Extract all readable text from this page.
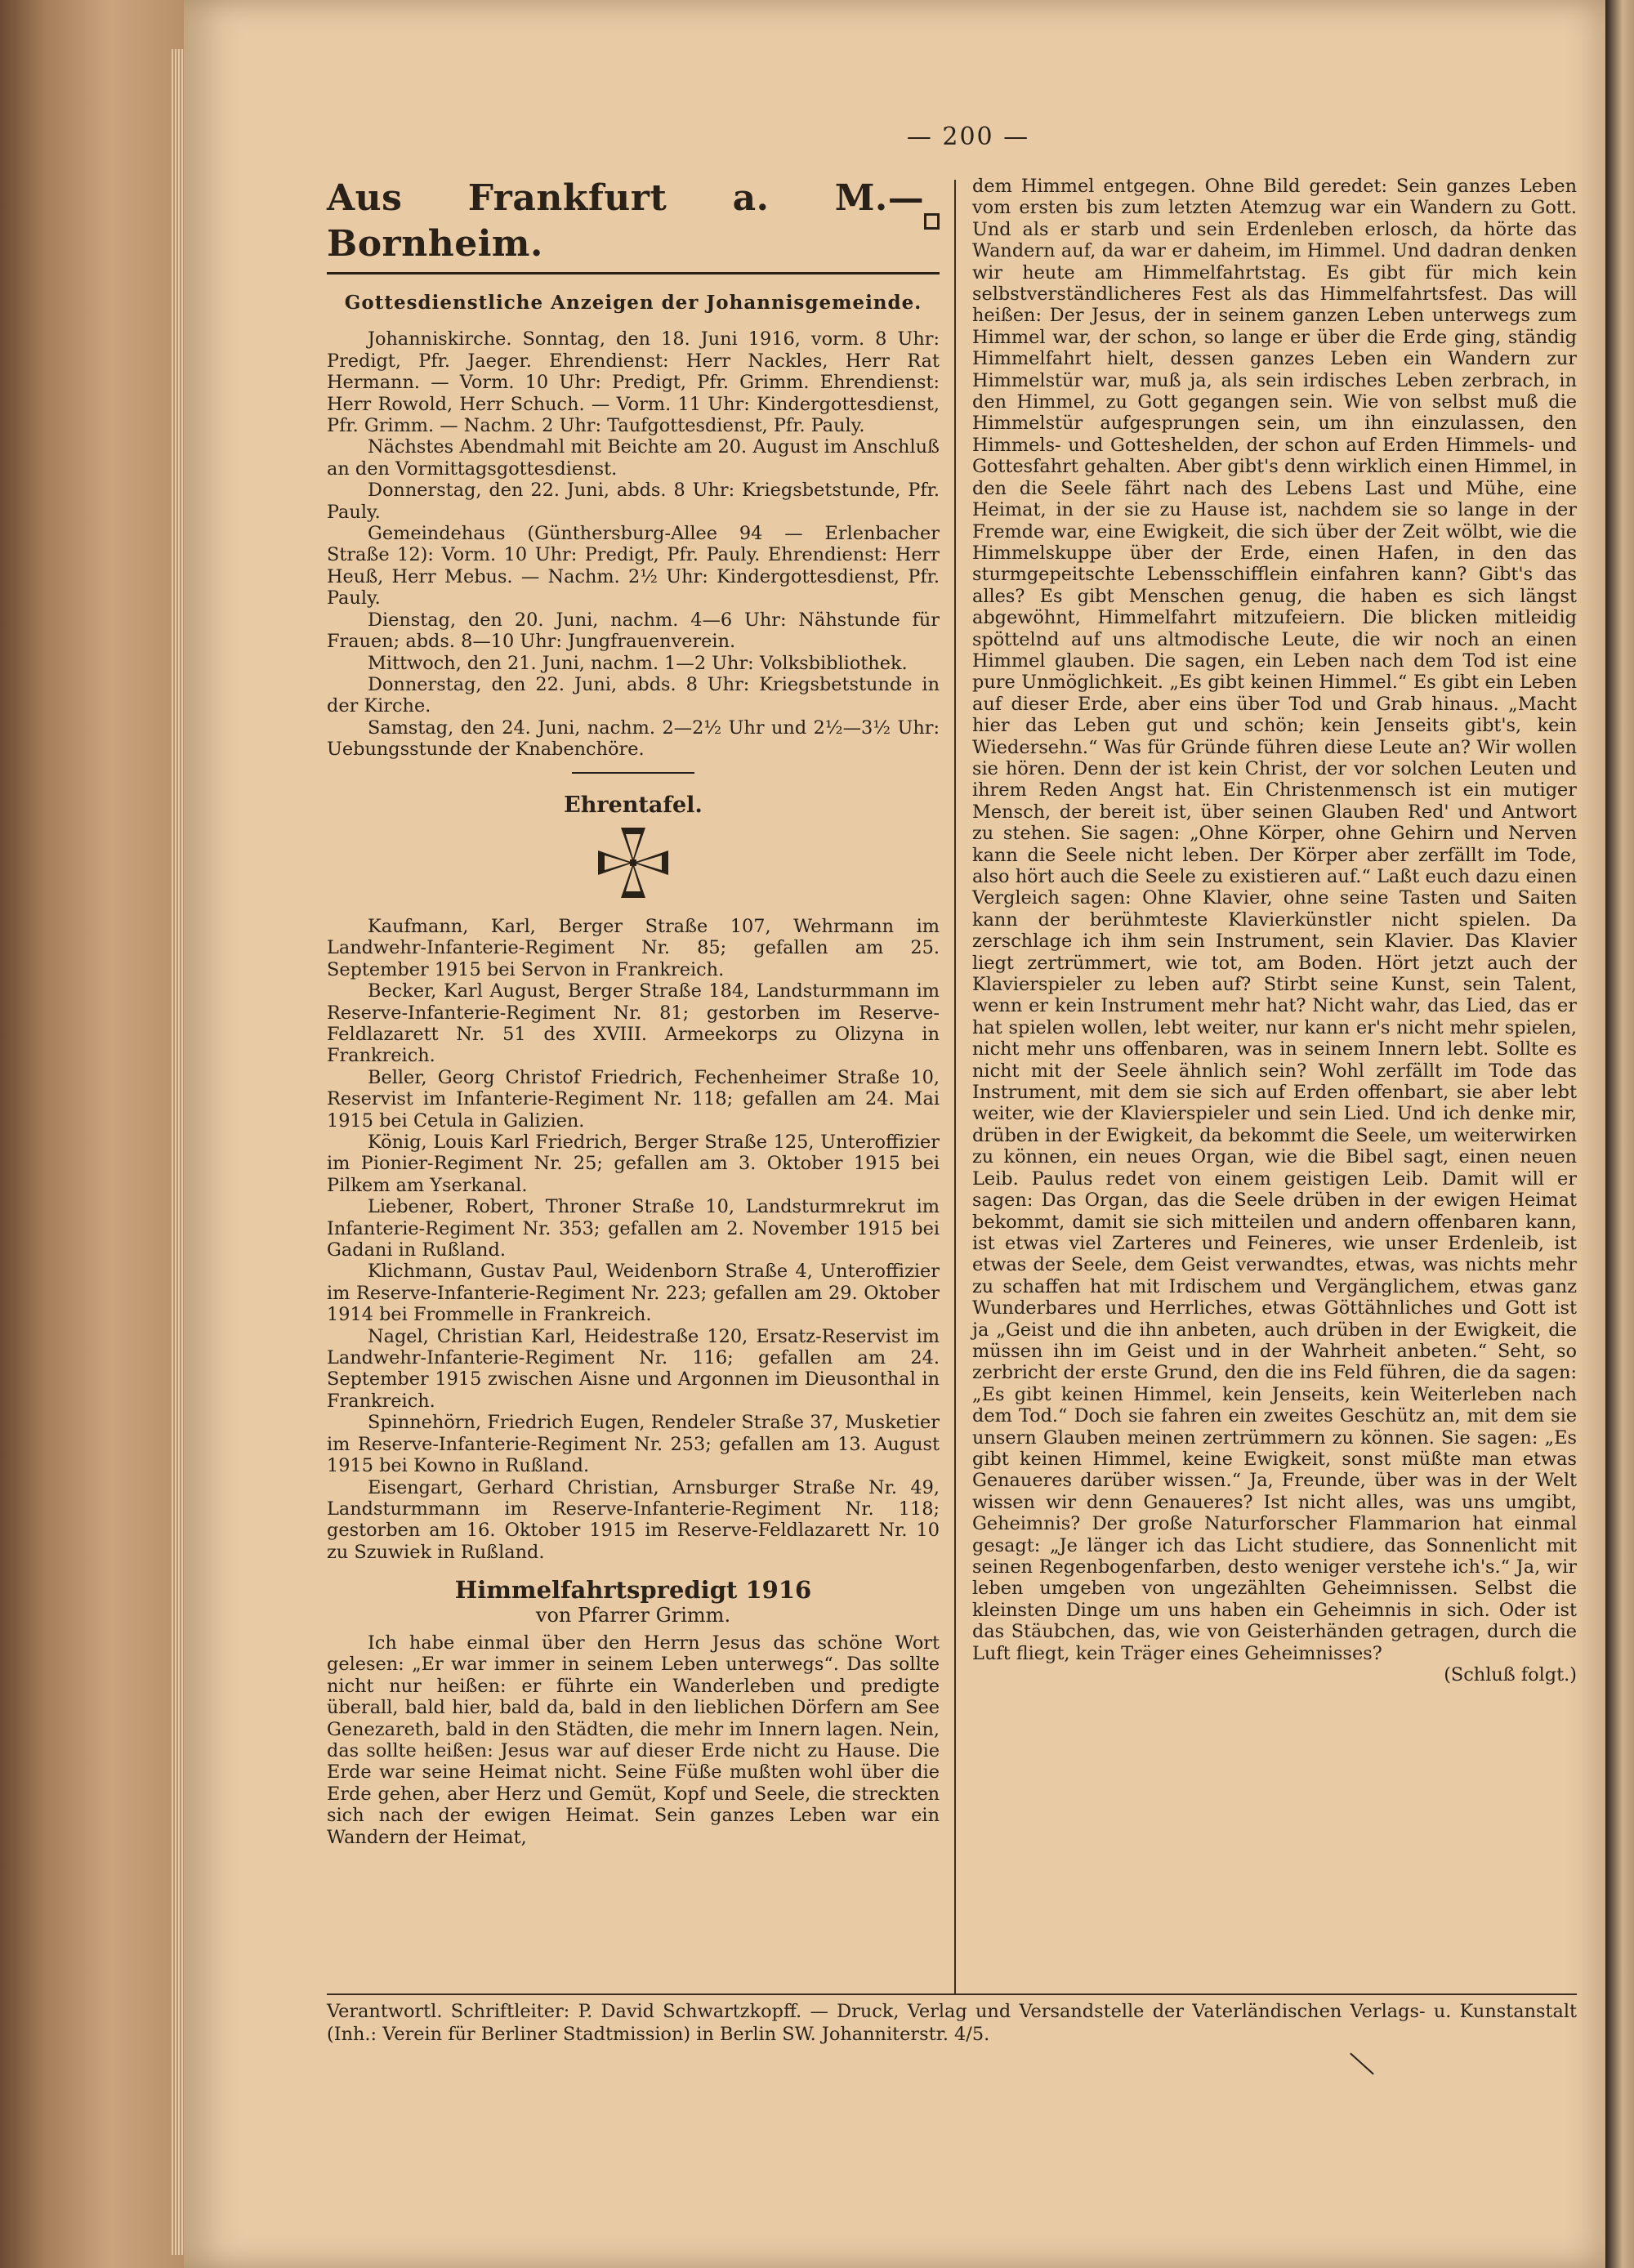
— 200 —
Aus Frankfurt a. M.—Bornheim.
Gottesdienstliche Anzeigen der Johannisgemeinde.

Johanniskirche. Sonntag, den 18. Juni 1916, vorm. 8 Uhr: Predigt, Pfr. Jaeger. Ehrendienst: Herr Nackles, Herr Rat Hermann. — Vorm. 10 Uhr: Predigt, Pfr. Grimm. Ehrendienst: Herr Rowold, Herr Schuch. — Vorm. 11 Uhr: Kindergottesdienst, Pfr. Grimm. — Nachm. 2 Uhr: Taufgottesdienst, Pfr. Pauly.

Nächstes Abendmahl mit Beichte am 20. August im Anschluß an den Vormittagsgottesdienst.

Donnerstag, den 22. Juni, abds. 8 Uhr: Kriegsbetstunde, Pfr. Pauly.

Gemeindehaus (Günthersburg-Allee 94 — Erlenbacher Straße 12): Vorm. 10 Uhr: Predigt, Pfr. Pauly. Ehrendienst: Herr Heuß, Herr Mebus. — Nachm. 2½ Uhr: Kindergottesdienst, Pfr. Pauly.

Dienstag, den 20. Juni, nachm. 4—6 Uhr: Nähstunde für Frauen; abds. 8—10 Uhr: Jungfrauenverein.

Mittwoch, den 21. Juni, nachm. 1—2 Uhr: Volksbibliothek.

Donnerstag, den 22. Juni, abds. 8 Uhr: Kriegsbetstunde in der Kirche.

Samstag, den 24. Juni, nachm. 2—2½ Uhr und 2½—3½ Uhr: Uebungsstunde der Knabenchöre.

Ehrentafel.

Kaufmann, Karl, Berger Straße 107, Wehrmann im Landwehr-Infanterie-Regiment Nr. 85; gefallen am 25. September 1915 bei Servon in Frankreich.

Becker, Karl August, Berger Straße 184, Landsturmmann im Reserve-Infanterie-Regiment Nr. 81; gestorben im Reserve-Feldlazarett Nr. 51 des XVIII. Armeekorps zu Olizyna in Frankreich.

Beller, Georg Christof Friedrich, Fechenheimer Straße 10, Reservist im Infanterie-Regiment Nr. 118; gefallen am 24. Mai 1915 bei Cetula in Galizien.

König, Louis Karl Friedrich, Berger Straße 125, Unteroffizier im Pionier-Regiment Nr. 25; gefallen am 3. Oktober 1915 bei Pilkem am Yserkanal.

Liebener, Robert, Throner Straße 10, Landsturmrekrut im Infanterie-Regiment Nr. 353; gefallen am 2. November 1915 bei Gadani in Rußland.

Klichmann, Gustav Paul, Weidenborn Straße 4, Unteroffizier im Reserve-Infanterie-Regiment Nr. 223; gefallen am 29. Oktober 1914 bei Frommelle in Frankreich.

Nagel, Christian Karl, Heidestraße 120, Ersatz-Reservist im Landwehr-Infanterie-Regiment Nr. 116; gefallen am 24. September 1915 zwischen Aisne und Argonnen im Dieusonthal in Frankreich.

Spinnehörn, Friedrich Eugen, Rendeler Straße 37, Musketier im Reserve-Infanterie-Regiment Nr. 253; gefallen am 13. August 1915 bei Kowno in Rußland.

Eisengart, Gerhard Christian, Arnsburger Straße Nr. 49, Landsturmmann im Reserve-Infanterie-Regiment Nr. 118; gestorben am 16. Oktober 1915 im Reserve-Feldlazarett Nr. 10 zu Szuwiek in Rußland.

Himmelfahrtspredigt 1916
von Pfarrer Grimm.

Ich habe einmal über den Herrn Jesus das schöne Wort gelesen: „Er war immer in seinem Leben unterwegs“. Das sollte nicht nur heißen: er führte ein Wanderleben und predigte überall, bald hier, bald da, bald in den lieblichen Dörfern am See Genezareth, bald in den Städten, die mehr im Innern lagen. Nein, das sollte heißen: Jesus war auf dieser Erde nicht zu Hause. Die Erde war seine Heimat nicht. Seine Füße mußten wohl über die Erde gehen, aber Herz und Gemüt, Kopf und Seele, die streckten sich nach der ewigen Heimat. Sein ganzes Leben war ein Wandern der Heimat,

dem Himmel entgegen. Ohne Bild geredet: Sein ganzes Leben vom ersten bis zum letzten Atemzug war ein Wandern zu Gott. Und als er starb und sein Erdenleben erlosch, da hörte das Wandern auf, da war er daheim, im Himmel. Und dadran denken wir heute am Himmelfahrtstag. Es gibt für mich kein selbstverständlicheres Fest als das Himmelfahrtsfest. Das will heißen: Der Jesus, der in seinem ganzen Leben unterwegs zum Himmel war, der schon, so lange er über die Erde ging, ständig Himmelfahrt hielt, dessen ganzes Leben ein Wandern zur Himmelstür war, muß ja, als sein irdisches Leben zerbrach, in den Himmel, zu Gott gegangen sein. Wie von selbst muß die Himmelstür aufgesprungen sein, um ihn einzulassen, den Himmels- und Gotteshelden, der schon auf Erden Himmels- und Gottesfahrt gehalten. Aber gibt's denn wirklich einen Himmel, in den die Seele fährt nach des Lebens Last und Mühe, eine Heimat, in der sie zu Hause ist, nachdem sie so lange in der Fremde war, eine Ewigkeit, die sich über der Zeit wölbt, wie die Himmelskuppe über der Erde, einen Hafen, in den das sturmgepeitschte Lebensschifflein einfahren kann? Gibt's das alles? Es gibt Menschen genug, die haben es sich längst abgewöhnt, Himmelfahrt mitzufeiern. Die blicken mitleidig spöttelnd auf uns altmodische Leute, die wir noch an einen Himmel glauben. Die sagen, ein Leben nach dem Tod ist eine pure Unmöglichkeit. „Es gibt keinen Himmel.“ Es gibt ein Leben auf dieser Erde, aber eins über Tod und Grab hinaus. „Macht hier das Leben gut und schön; kein Jenseits gibt's, kein Wiedersehn.“ Was für Gründe führen diese Leute an? Wir wollen sie hören. Denn der ist kein Christ, der vor solchen Leuten und ihrem Reden Angst hat. Ein Christenmensch ist ein mutiger Mensch, der bereit ist, über seinen Glauben Red' und Antwort zu stehen. Sie sagen: „Ohne Körper, ohne Gehirn und Nerven kann die Seele nicht leben. Der Körper aber zerfällt im Tode, also hört auch die Seele zu existieren auf.“ Laßt euch dazu einen Vergleich sagen: Ohne Klavier, ohne seine Tasten und Saiten kann der berühmteste Klavierkünstler nicht spielen. Da zerschlage ich ihm sein Instrument, sein Klavier. Das Klavier liegt zertrümmert, wie tot, am Boden. Hört jetzt auch der Klavierspieler zu leben auf? Stirbt seine Kunst, sein Talent, wenn er kein Instrument mehr hat? Nicht wahr, das Lied, das er hat spielen wollen, lebt weiter, nur kann er's nicht mehr spielen, nicht mehr uns offenbaren, was in seinem Innern lebt. Sollte es nicht mit der Seele ähnlich sein? Wohl zerfällt im Tode das Instrument, mit dem sie sich auf Erden offenbart, sie aber lebt weiter, wie der Klavierspieler und sein Lied. Und ich denke mir, drüben in der Ewigkeit, da bekommt die Seele, um weiterwirken zu können, ein neues Organ, wie die Bibel sagt, einen neuen Leib. Paulus redet von einem geistigen Leib. Damit will er sagen: Das Organ, das die Seele drüben in der ewigen Heimat bekommt, damit sie sich mitteilen und andern offenbaren kann, ist etwas viel Zarteres und Feineres, wie unser Erdenleib, ist etwas der Seele, dem Geist verwandtes, etwas, was nichts mehr zu schaffen hat mit Irdischem und Vergänglichem, etwas ganz Wunderbares und Herrliches, etwas Göttähnliches und Gott ist ja „Geist und die ihn anbeten, auch drüben in der Ewigkeit, die müssen ihn im Geist und in der Wahrheit anbeten.“ Seht, so zerbricht der erste Grund, den die ins Feld führen, die da sagen: „Es gibt keinen Himmel, kein Jenseits, kein Weiterleben nach dem Tod.“ Doch sie fahren ein zweites Geschütz an, mit dem sie unsern Glauben meinen zertrümmern zu können. Sie sagen: „Es gibt keinen Himmel, keine Ewigkeit, sonst müßte man etwas Genaueres darüber wissen.“ Ja, Freunde, über was in der Welt wissen wir denn Genaueres? Ist nicht alles, was uns umgibt, Geheimnis? Der große Naturforscher Flammarion hat einmal gesagt: „Je länger ich das Licht studiere, das Sonnenlicht mit seinen Regenbogenfarben, desto weniger verstehe ich's.“ Ja, wir leben umgeben von ungezählten Geheimnissen. Selbst die kleinsten Dinge um uns haben ein Geheimnis in sich. Oder ist das Stäubchen, das, wie von Geisterhänden getragen, durch die Luft fliegt, kein Träger eines Geheimnisses?

(Schluß folgt.)
Verantwortl. Schriftleiter: P. David Schwartzkopff. — Druck, Verlag und Versandstelle der Vaterländischen Verlags- u. Kunstanstalt (Inh.: Verein für Berliner Stadtmission) in Berlin SW. Johanniterstr. 4/5.
